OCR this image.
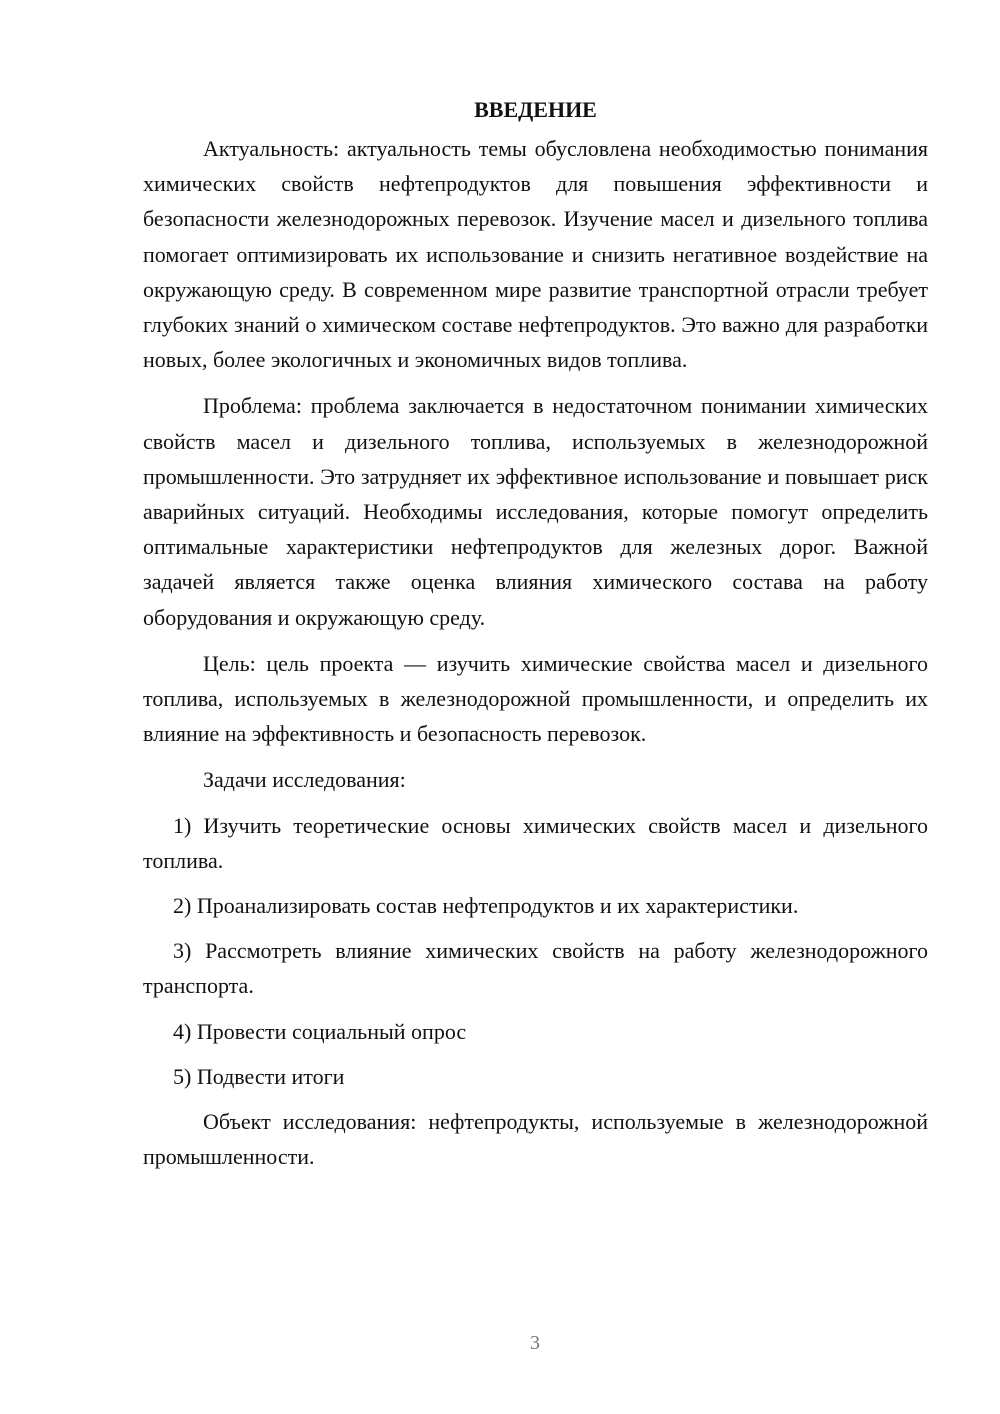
ВВЕДЕНИЕ

Актуальность: актуальность темы обусловлена необходимостью понимания химических свойств нефтепродуктов для повышения эффективности и безопасности железнодорожных перевозок. Изучение масел и дизельного топлива помогает оптимизировать их использование и снизить негативное воздействие на окружающую среду. В современном мире развитие транспортной отрасли требует глубоких знаний о химическом составе нефтепродуктов. Это важно для разработки новых, более экологичных и экономичных видов топлива.

Проблема: проблема заключается в недостаточном понимании химических свойств масел и дизельного топлива, используемых в железнодорожной промышленности. Это затрудняет их эффективное использование и повышает риск аварийных ситуаций. Необходимы исследования, которые помогут определить оптимальные характеристики нефтепродуктов для железных дорог. Важной задачей является также оценка влияния химического состава на работу оборудования и окружающую среду.

Цель: цель проекта — изучить химические свойства масел и дизельного топлива, используемых в железнодорожной промышленности, и определить их влияние на эффективность и безопасность перевозок.

Задачи исследования:

1) Изучить теоретические основы химических свойств масел и дизельного топлива.

2) Проанализировать состав нефтепродуктов и их характеристики.

3) Рассмотреть влияние химических свойств на работу железнодорожного транспорта.

4) Провести социальный опрос

5) Подвести итоги

Объект исследования: нефтепродукты, используемые в железнодорожной промышленности.

3
